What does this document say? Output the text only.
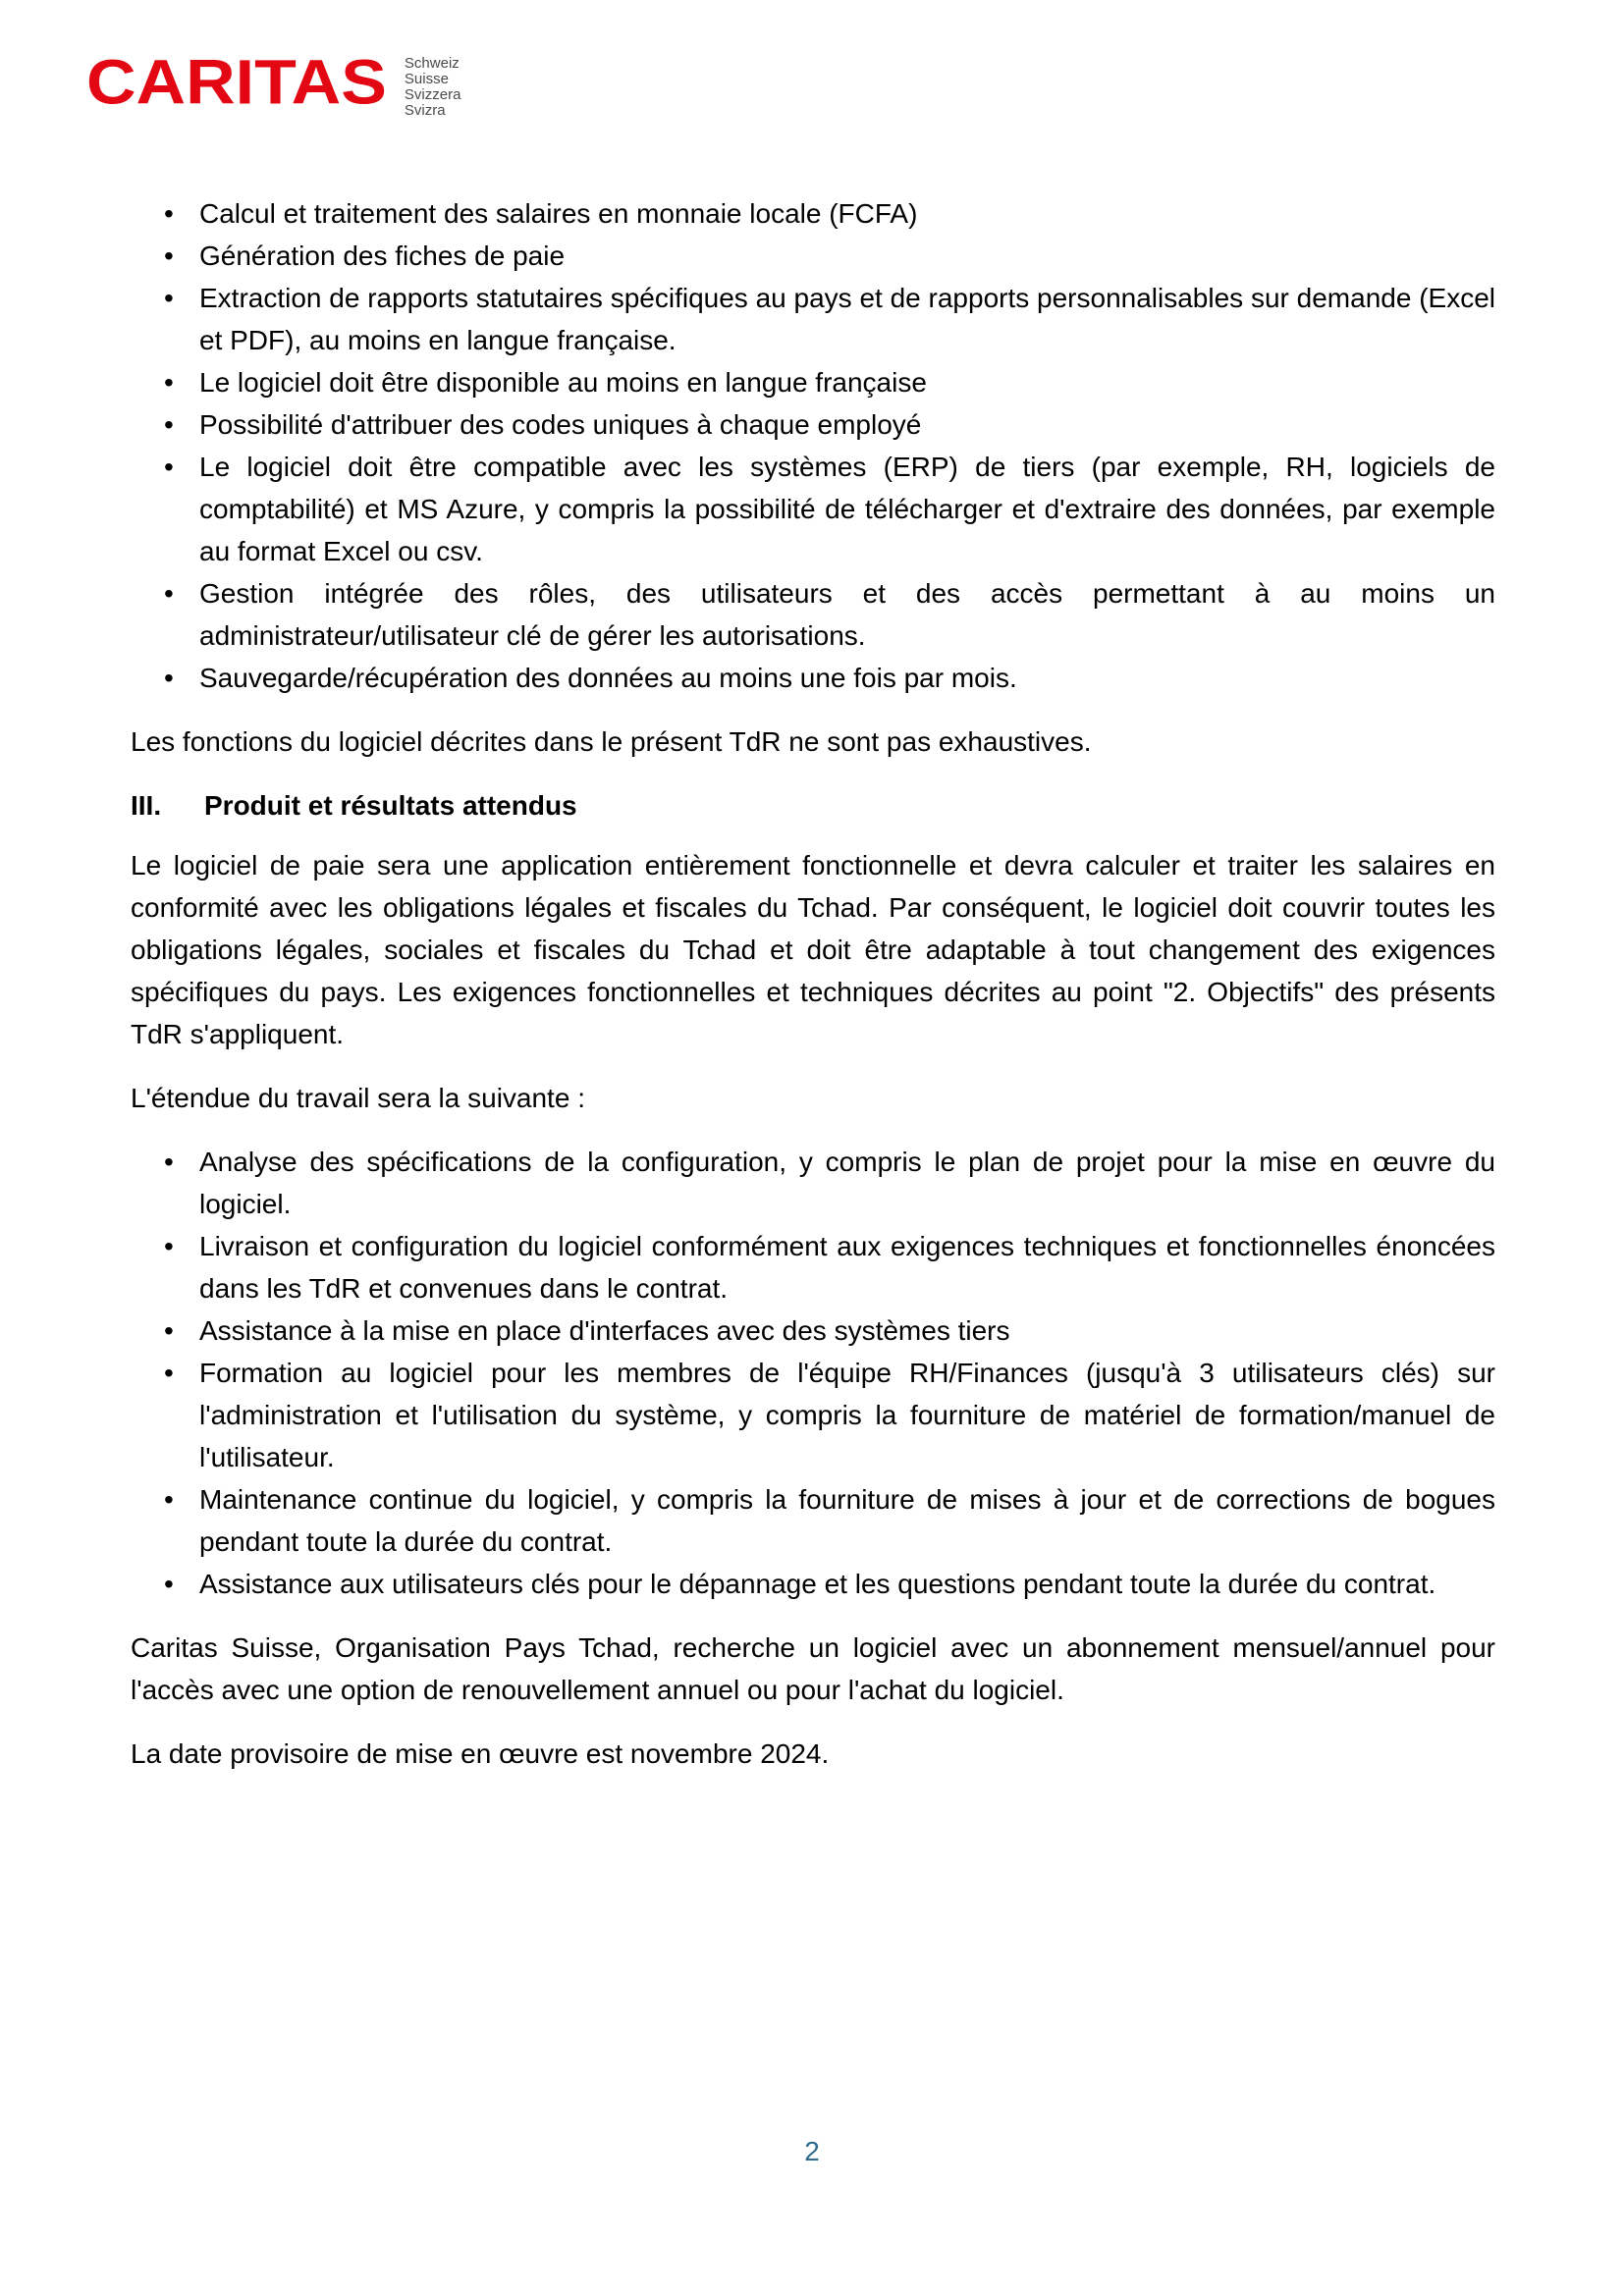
CARITAS Schweiz
Suisse
Svizzera
Svizra
• Calcul et traitement des salaires en monnaie locale (FCFA)
• Génération des fiches de paie
• Extraction de rapports statutaires spécifiques au pays et de rapports personnalisables sur demande (Excel et PDF), au moins en langue française.
• Le logiciel doit être disponible au moins en langue française
• Possibilité d'attribuer des codes uniques à chaque employé
• Le logiciel doit être compatible avec les systèmes (ERP) de tiers (par exemple, RH, logiciels de comptabilité) et MS Azure, y compris la possibilité de télécharger et d'extraire des données, par exemple au format Excel ou csv.
• Gestion intégrée des rôles, des utilisateurs et des accès permettant à au moins un administrateur/utilisateur clé de gérer les autorisations.
• Sauvegarde/récupération des données au moins une fois par mois.

Les fonctions du logiciel décrites dans le présent TdR ne sont pas exhaustives.

III.	Produit et résultats attendus

Le logiciel de paie sera une application entièrement fonctionnelle et devra calculer et traiter les salaires en conformité avec les obligations légales et fiscales du Tchad. Par conséquent, le logiciel doit couvrir toutes les obligations légales, sociales et fiscales du Tchad et doit être adaptable à tout changement des exigences spécifiques du pays. Les exigences fonctionnelles et techniques décrites au point "2. Objectifs" des présents TdR s'appliquent.

L'étendue du travail sera la suivante :

• Analyse des spécifications de la configuration, y compris le plan de projet pour la mise en œuvre du logiciel.
• Livraison et configuration du logiciel conformément aux exigences techniques et fonctionnelles énoncées dans les TdR et convenues dans le contrat.
• Assistance à la mise en place d'interfaces avec des systèmes tiers
• Formation au logiciel pour les membres de l'équipe RH/Finances (jusqu'à 3 utilisateurs clés) sur l'administration et l'utilisation du système, y compris la fourniture de matériel de formation/manuel de l'utilisateur.
• Maintenance continue du logiciel, y compris la fourniture de mises à jour et de corrections de bogues pendant toute la durée du contrat.
• Assistance aux utilisateurs clés pour le dépannage et les questions pendant toute la durée du contrat.

Caritas Suisse, Organisation Pays Tchad, recherche un logiciel avec un abonnement mensuel/annuel pour l'accès avec une option de renouvellement annuel ou pour l'achat du logiciel.

La date provisoire de mise en œuvre est novembre 2024.

2
